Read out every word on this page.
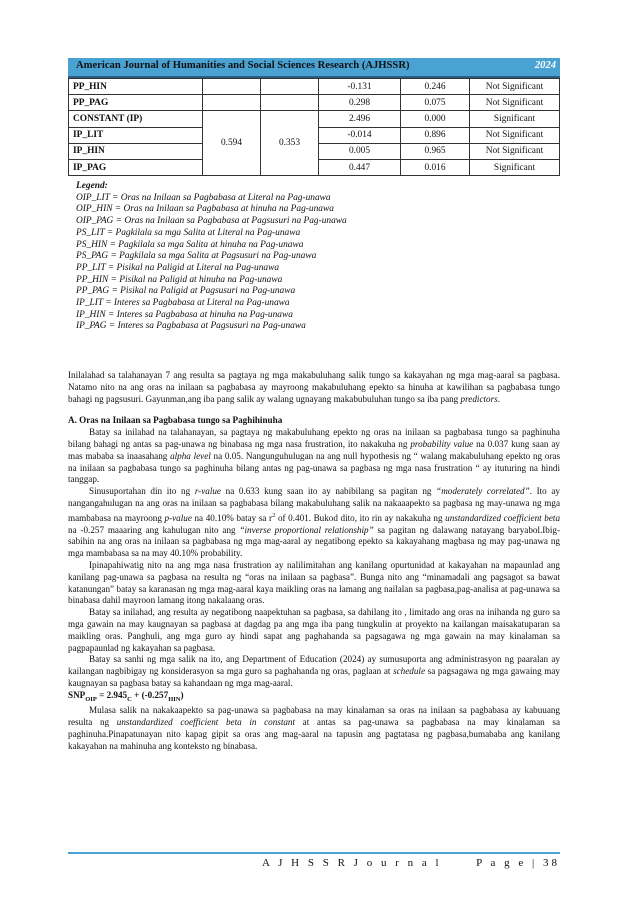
American Journal of Humanities and Social Sciences Research (AJHSSR)	2024
PP_HIN			-0.131	0.246	Not Significant
PP_PAG			0.298	0.075	Not Significant
CONSTANT (IP)	0.594	0.353	2.496	0.000	Significant
IP_LIT			-0.014	0.896	Not Significant
IP_HIN			0.005	0.965	Not Significant
IP_PAG			0.447	0.016	Significant
Legend:
OIP_LIT = Oras na Inilaan sa Pagbabasa at Literal na Pag-unawa
OIP_HIN = Oras na Inilaan sa Pagbabasa at hinuha na Pag-unawa
OIP_PAG = Oras na Inilaan sa Pagbabasa at Pagsusuri na Pag-unawa
PS_LIT = Pagkilala sa mga Salita at Literal na Pag-unawa
PS_HIN = Pagkilala sa mga Salita at hinuha na Pag-unawa
PS_PAG = Pagkilala sa mga Salita at Pagsusuri na Pag-unawa
PP_LIT = Pisikal na Paligid at Literal na Pag-unawa
PP_HIN = Pisikal na Paligid at hinuha na Pag-unawa
PP_PAG = Pisikal na Paligid at Pagsusuri na Pag-unawa
IP_LIT = Interes sa Pagbabasa at Literal na Pag-unawa
IP_HIN = Interes sa Pagbabasa at hinuha na Pag-unawa
IP_PAG = Interes sa Pagbabasa at Pagsusuri na Pag-unawa

Inilalahad sa talahanayan 7 ang resulta sa pagtaya ng mga makabuluhang salik tungo sa kakayahan ng mga mag-aaral sa pagbasa. Natamo nito na ang oras na inilaan sa pagbabasa ay mayroong makabuluhang epekto sa hinuha at kawilihan sa pagbabasa tungo bahagi ng pagsusuri. Gayunman,ang iba pang salik ay walang ugnayang makabubuluhan tungo sa iba pang predictors.

A. Oras na Inilaan sa Pagbabasa tungo sa Paghihinuha

Batay sa inilahad na talahanayan, sa pagtaya ng makabuluhang epekto ng oras na inilaan sa pagbabasa tungo sa paghinuha bilang bahagi ng antas sa pag-unawa ng binabasa ng mga nasa frustration, ito nakakuha ng probability value na 0.037 kung saan ay mas mababa sa inaasahang alpha level na 0.05. Nangunguhulugan na ang null hypothesis ng “ walang makabuluhang epekto ng oras na inilaan sa pagbabasa tungo sa paghinuha bilang antas ng pag-unawa sa pagbasa ng mga nasa frustration “ ay ituturing na hindi tanggap.

Sinusuportahan din ito ng r-value na 0.633 kung saan ito ay nabibilang sa pagitan ng “moderately correlated”. Ito ay nangangahulugan na ang oras na inilaan sa pagbabasa bilang makabuluhang salik na nakaaapekto sa pagbasa ng may-unawa ng mga mambabasa na mayroong p-value na 40.10% batay sa $r^2$ of 0.401. Bukod dito, ito rin ay nakakuha ng unstandardized coefficient beta na -0.257 maaaring ang kahulugan nito ang “inverse proportional relationship” sa pagitan ng dalawang natayang baryabol.Ibig-sabihin na ang oras na inilaan sa pagbabasa ng mga mag-aaral ay negatibong epekto sa kakayahang magbasa ng may pag-unawa ng mga mambabasa sa na may 40.10% probability.

Ipinapahiwatig nito na ang mga nasa frustration ay nalilimitahan ang kanilang opurtunidad at kakayahan na mapaunlad ang kanilang pag-unawa sa pagbasa na resulta ng “oras na inilaan sa pagbasa”. Bunga nito ang “minamadali ang pagsagot sa bawat katanungan” batay sa karanasan ng mga mag-aaral kaya maikling oras na lamang ang nailalan sa pagbasa,pag-analisa at pag-unawa sa binabasa dahil mayroon lamang itong nakalaang oras.

Batay sa inilahad, ang resulta ay negatibong naapektuhan sa pagbasa, sa dahilang ito , limitado ang oras na inihanda ng guro sa mga gawain na may kaugnayan sa pagbasa at dagdag pa ang mga iba pang tungkulin at proyekto na kailangan maisakatuparan sa maikling oras. Panghuli, ang mga guro ay hindi sapat ang paghahanda sa pagsagawa ng mga gawain na may kinalaman sa pagpapaunlad ng kakayahan sa pagbasa.

Batay sa sanhi ng mga salik na ito, ang Department of Education (2024) ay sumusuporta ang administrasyon ng paaralan ay kailangan nagbibigay ng konsiderasyon sa mga guro sa paghahanda ng oras, paglaan at schedule sa pagsagawa ng mga gawaing may kaugnayan sa pagbasa batay sa kahandaan ng mga mag-aaral.

$SNP_{OIP} = 2.945_C + (-0.257_{HIN})$

Mulasa salik na nakakaapekto sa pag-unawa sa pagbabasa na may kinalaman sa oras na inilaan sa pagbabasa ay kabuuang resulta ng unstandardized coefficient beta in constant at antas sa pag-unawa sa pagbabasa na may kinalaman sa paghinuha.Pinapatunayan nito kapag gipit sa oras ang mag-aaral na tapusin ang pagtatasa ng pagbasa,bumababa ang kanilang kakayahan na mahinuha ang konteksto ng binabasa.

A J H S S R J o u r n a l	P a g e | 38
